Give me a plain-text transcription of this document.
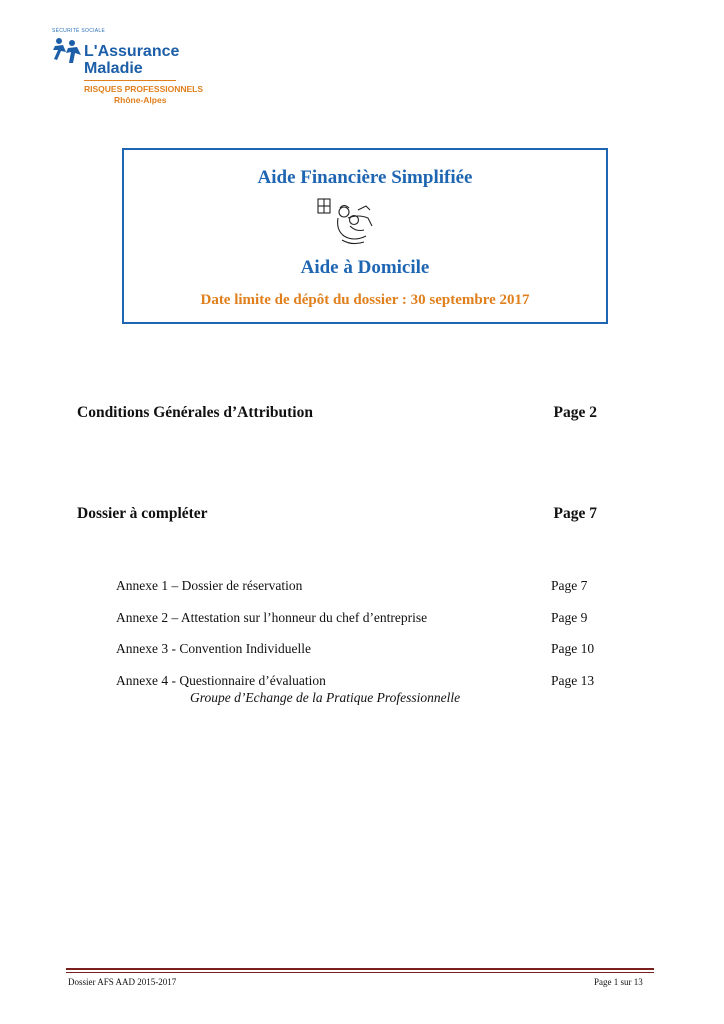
SÉCURITÉ SOCIALE
L'Assurance
Maladie
RISQUES PROFESSIONNELS
Rhône-Alpes
Aide Financière Simplifiée
Aide à Domicile
Date limite de dépôt du dossier : 30 septembre 2017
Conditions Générales d’Attribution	Page 2
Dossier à compléter	Page 7
Annexe 1 – Dossier de réservation	Page 7
Annexe 2 – Attestation sur l’honneur du chef d’entreprise	Page 9
Annexe 3 - Convention Individuelle	Page 10
Annexe 4 - Questionnaire d’évaluation	Page 13
Groupe d’Echange de la Pratique Professionnelle
Dossier AFS AAD 2015-2017	Page 1 sur 13
